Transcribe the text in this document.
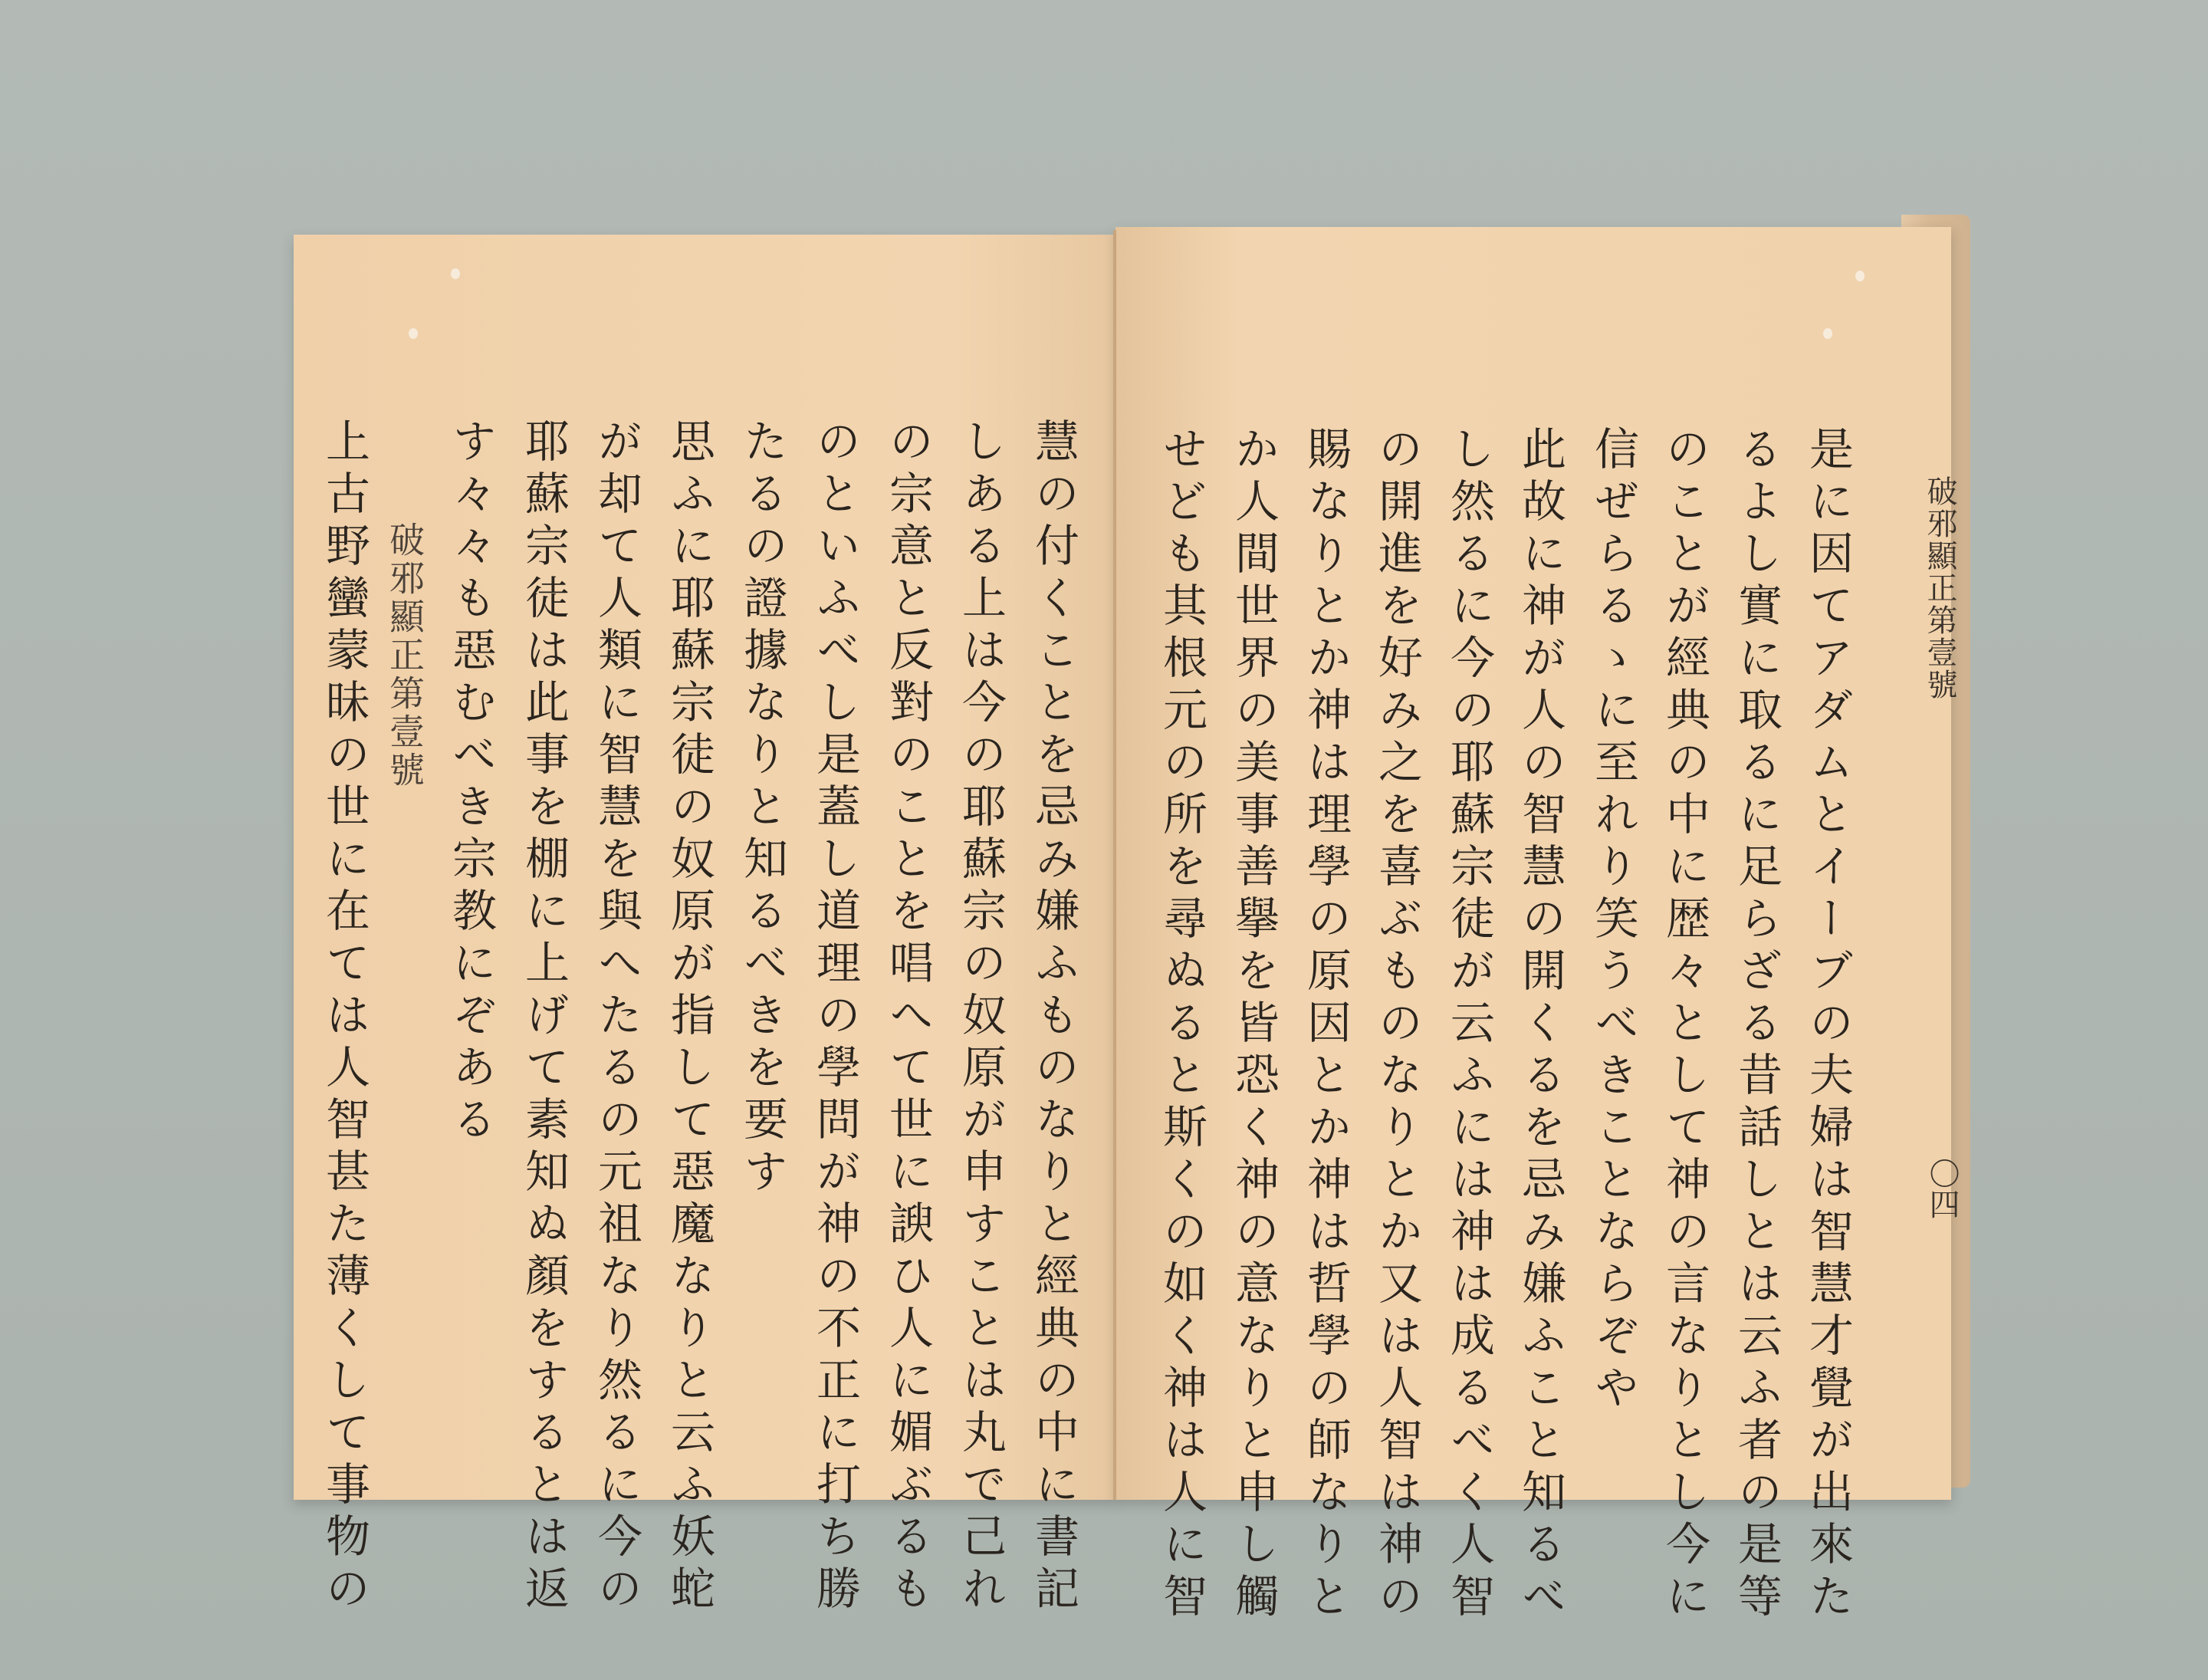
破邪顯正第壹號
〇四
是に因てアダムとイーブの夫婦は智慧才覺が出來た
るよし實に取るに足らざる昔話しとは云ふ者の是等
のことが經典の中に歴々として神の言なりとし今に
信ぜらるゝに至れり笑うべきことならぞや
此故に神が人の智慧の開くるを忌み嫌ふこと知るべ
し然るに今の耶蘇宗徒が云ふには神は成るべく人智
の開進を好み之を喜ぶものなりとか又は人智は神の
賜なりとか神は理學の原因とか神は哲學の師なりと
か人間世界の美事善擧を皆恐く神の意なりと申し觸
せども其根元の所を尋ぬると斯くの如く神は人に智
慧の付くことを忌み嫌ふものなりと經典の中に書記
しある上は今の耶蘇宗の奴原が申すことは丸で己れ
の宗意と反對のことを唱へて世に諛ひ人に媚ぶるも
のといふべし是蓋し道理の學問が神の不正に打ち勝
たるの證據なりと知るべきを要す
思ふに耶蘇宗徒の奴原が指して惡魔なりと云ふ妖蛇
が却て人類に智慧を與へたるの元祖なり然るに今の
耶蘇宗徒は此事を棚に上げて素知ぬ顏をするとは返
す々々も惡むべき宗教にぞある
上古野蠻蒙昧の世に在ては人智甚た薄くして事物の 破邪顯正第壹號
